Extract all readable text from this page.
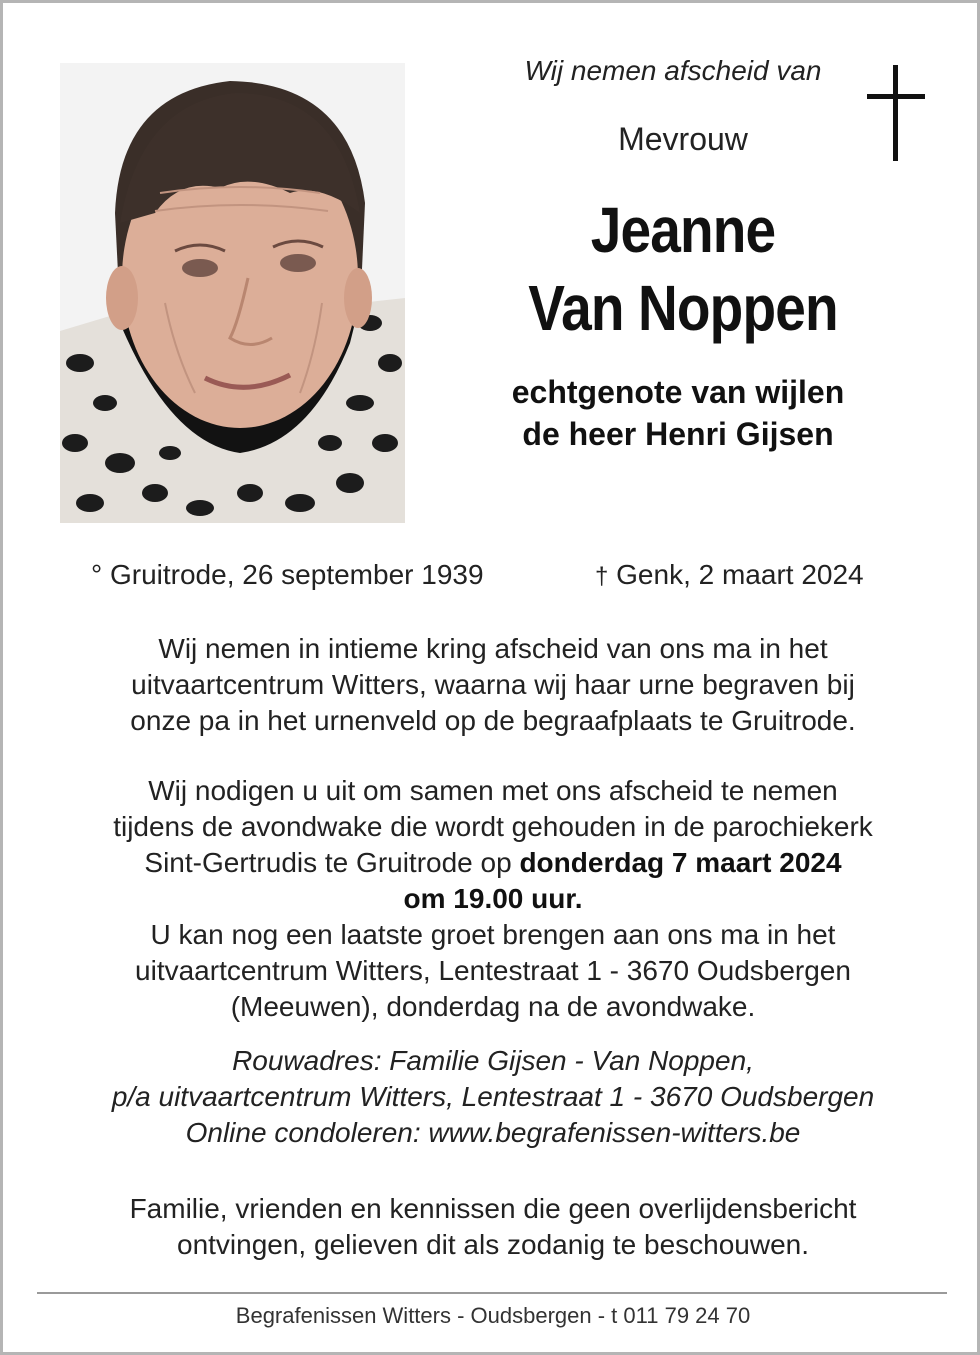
Wij nemen afscheid van
Mevrouw
Jeanne
Van Noppen
echtgenote van wijlen
de heer Henri Gijsen
° Gruitrode, 26 september 1939	† Genk, 2 maart 2024
Wij nemen in intieme kring afscheid van ons ma in het
uitvaartcentrum Witters, waarna wij haar urne begraven bij
onze pa in het urnenveld op de begraafplaats te Gruitrode.
Wij nodigen u uit om samen met ons afscheid te nemen
tijdens de avondwake die wordt gehouden in de parochiekerk
Sint-Gertrudis te Gruitrode op donderdag 7 maart 2024
om 19.00 uur.
U kan nog een laatste groet brengen aan ons ma in het
uitvaartcentrum Witters, Lentestraat 1 - 3670 Oudsbergen
(Meeuwen), donderdag na de avondwake.
Rouwadres: Familie Gijsen - Van Noppen,
p/a uitvaartcentrum Witters, Lentestraat 1 - 3670 Oudsbergen
Online condoleren: www.begrafenissen-witters.be
Familie, vrienden en kennissen die geen overlijdensbericht
ontvingen, gelieven dit als zodanig te beschouwen.
Begrafenissen Witters - Oudsbergen - t 011 79 24 70
